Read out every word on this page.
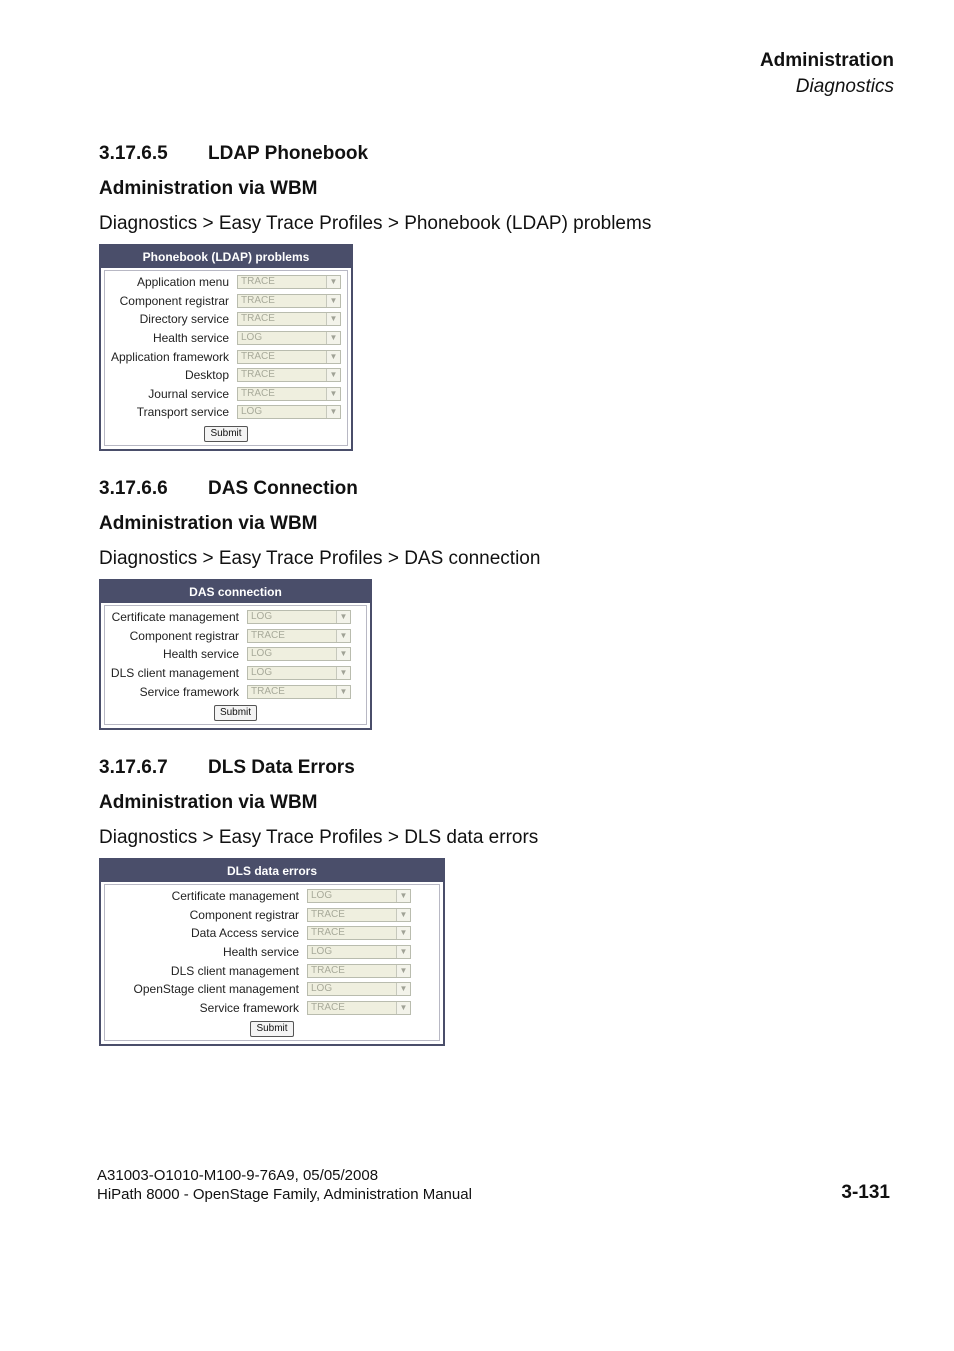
Administration
Diagnostics
3.17.6.5 LDAP Phonebook
Administration via WBM
Diagnostics > Easy Trace Profiles > Phonebook (LDAP) problems
Phonebook (LDAP) problems
Application menu	TRACE	▼
Component registrar	TRACE	▼
Directory service	TRACE	▼
Health service	LOG	▼
Application framework	TRACE	▼
Desktop	TRACE	▼
Journal service	TRACE	▼
Transport service	LOG	▼
Submit
3.17.6.6 DAS Connection
Administration via WBM
Diagnostics > Easy Trace Profiles > DAS connection
DAS connection
Certificate management	LOG	▼
Component registrar	TRACE	▼
Health service	LOG	▼
DLS client management	LOG	▼
Service framework	TRACE	▼
Submit
3.17.6.7 DLS Data Errors
Administration via WBM
Diagnostics > Easy Trace Profiles > DLS data errors
DLS data errors
Certificate management	LOG	▼
Component registrar	TRACE	▼
Data Access service	TRACE	▼
Health service	LOG	▼
DLS client management	TRACE	▼
OpenStage client management	LOG	▼
Service framework	TRACE	▼
Submit
A31003-O1010-M100-9-76A9, 05/05/2008
HiPath 8000 - OpenStage Family, Administration Manual	3-131
